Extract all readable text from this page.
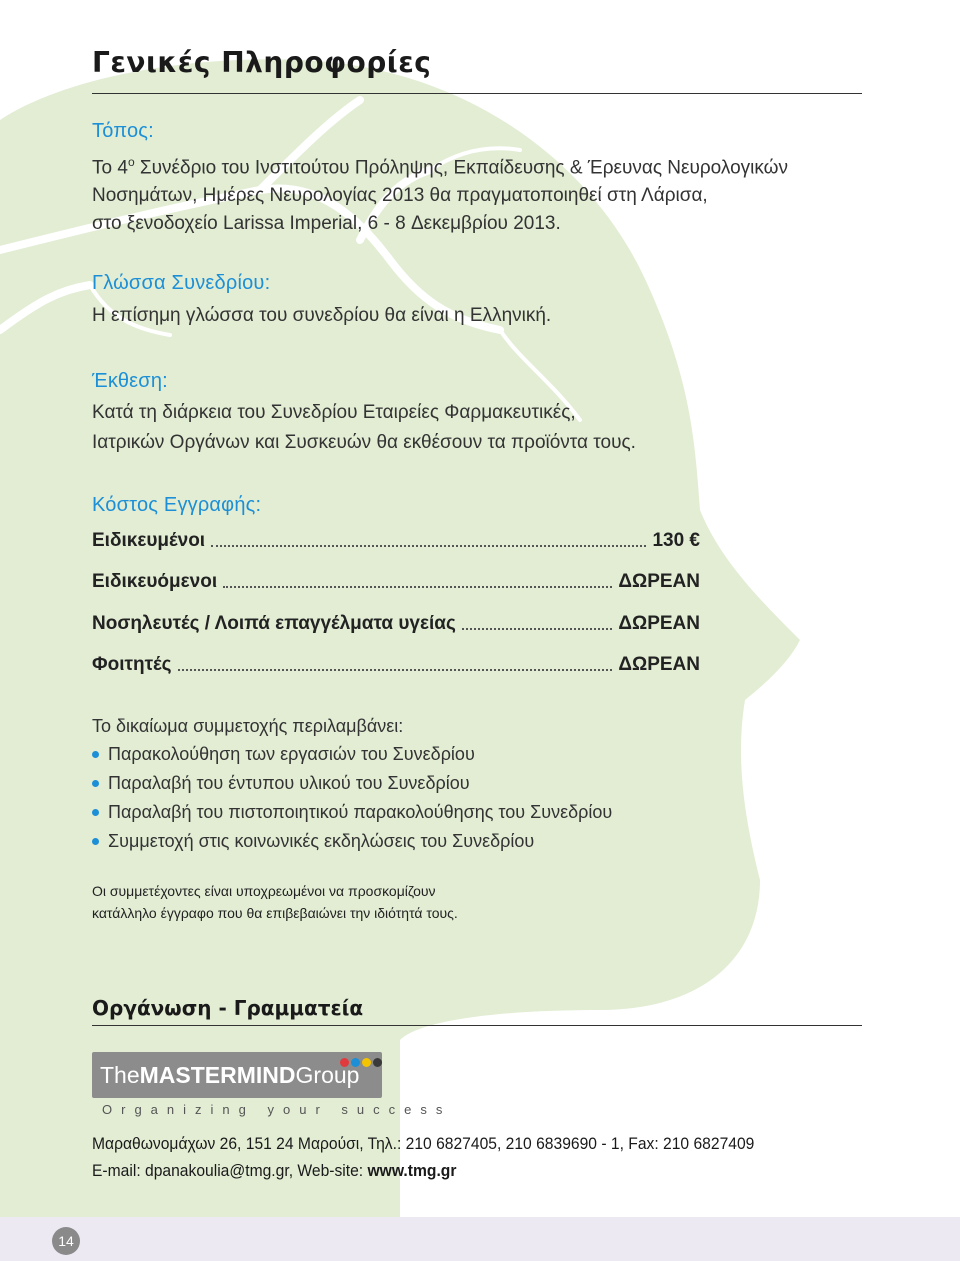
Γενικές Πληροφορίες
Τόπος:
Το $4^o$ Συνέδριο του Ινστιτούτου Πρόληψης, Εκπαίδευσης & Έρευνας Νευρολογικών
Νοσημάτων, Ημέρες Νευρολογίας 2013 θα πραγματοποιηθεί στη Λάρισα,
στο ξενοδοχείο Larissa Imperial, 6 - 8 Δεκεμβρίου 2013.
Γλώσσα Συνεδρίου:
Η επίσημη γλώσσα του συνεδρίου θα είναι η Ελληνική.
Έκθεση:
Κατά τη διάρκεια του Συνεδρίου Εταιρείες Φαρμακευτικές,
Ιατρικών Οργάνων και Συσκευών θα εκθέσουν τα προϊόντα τους.
Κόστος Εγγραφής:
Ειδικευμένοι	130 €
Ειδικευόμενοι	ΔΩΡΕΑΝ
Νοσηλευτές / Λοιπά επαγγέλματα υγείας	ΔΩΡΕΑΝ
Φοιτητές	ΔΩΡΕΑΝ
Το δικαίωμα συμμετοχής περιλαμβάνει:
Παρακολούθηση των εργασιών του Συνεδρίου
Παραλαβή του έντυπου υλικού του Συνεδρίου
Παραλαβή του πιστοποιητικού παρακολούθησης του Συνεδρίου
Συμμετοχή στις κοινωνικές εκδηλώσεις του Συνεδρίου
Οι συμμετέχοντες είναι υποχρεωμένοι να προσκομίζουν
κατάλληλο έγγραφο που θα επιβεβαιώνει την ιδιότητά τους.
Οργάνωση - Γραμματεία
TheMASTERMINDGroup
Organizing your success
Μαραθωνομάχων 26, 151 24 Μαρούσι, Τηλ.: 210 6827405, 210 6839690 - 1, Fax: 210 6827409
E-mail: dpanakoulia@tmg.gr, Web-site: www.tmg.gr
14
